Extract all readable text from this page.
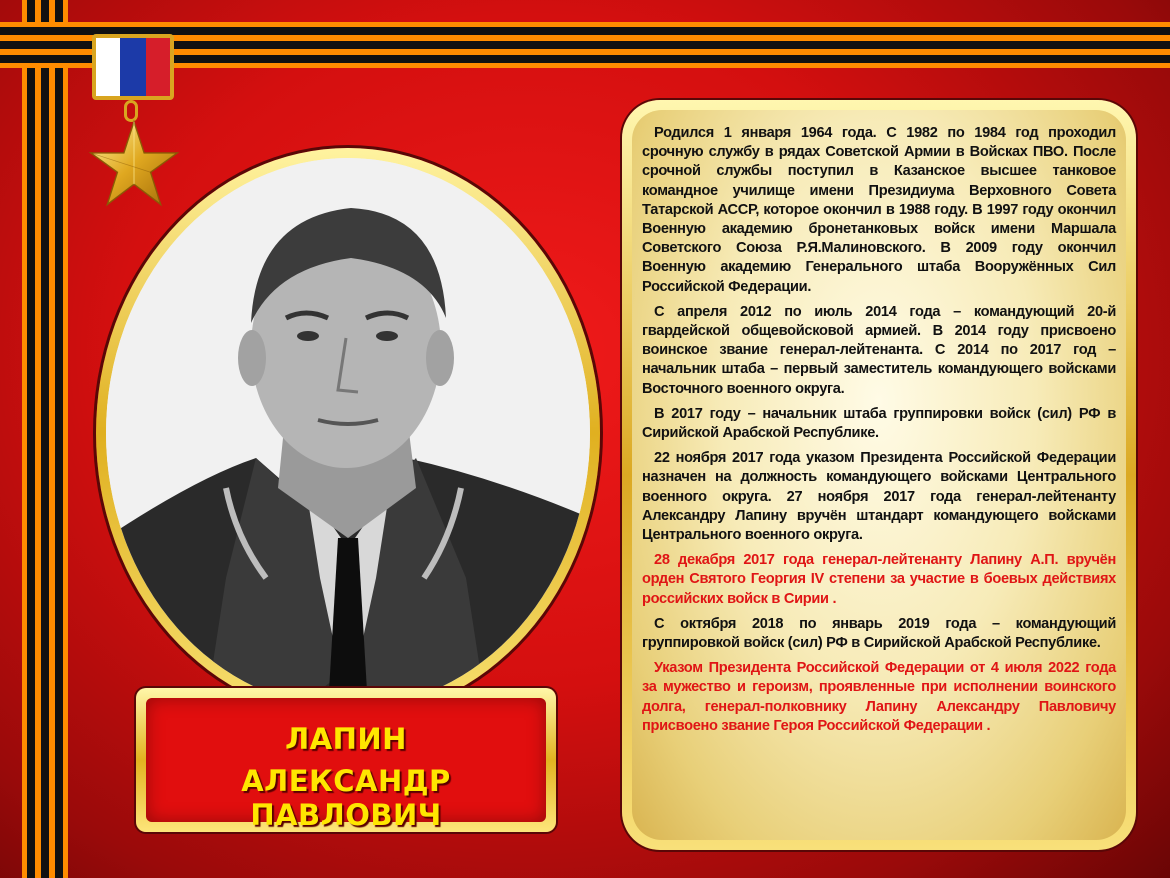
ЛАПИН
АЛЕКСАНДР ПАВЛОВИЧ

Родился 1 января 1964 года. С 1982 по 1984 год проходил срочную службу в рядах Советской Армии в Войсках ПВО. После срочной службы поступил в Казанское высшее танковое командное училище имени Президиума Верховного Совета Татарской АССР, которое окончил в 1988 году. В 1997 году окончил Военную академию бронетанковых войск имени Маршала Советского Союза Р.Я.Малиновского. В 2009 году окончил Военную академию Генерального штаба Вооружённых Сил Российской Федерации.

С апреля 2012 по июль 2014 года – командующий 20-й гвардейской общевойсковой армией. В 2014 году присвоено воинское звание генерал-лейтенанта. С 2014 по 2017 год – начальник штаба – первый заместитель командующего войсками Восточного военного округа.

В 2017 году – начальник штаба группировки войск (сил) РФ в Сирийской Арабской Республике.

22 ноября 2017 года указом Президента Российской Федерации назначен на должность командующего войсками Центрального военного округа. 27 ноября 2017 года генерал-лейтенанту Александру Лапину вручён штандарт командующего войсками Центрального военного округа.

28 декабря 2017 года генерал-лейтенанту Лапину А.П. вручён орден Святого Георгия IV степени за участие в боевых действиях российских войск в Сирии .

С октября 2018 по январь 2019 года – командующий группировкой войск (сил) РФ в Сирийской Арабской Республике.

Указом Президента Российской Федерации от 4 июля 2022 года за мужество и героизм, проявленные при исполнении воинского долга, генерал-полковнику Лапину Александру Павловичу присвоено звание Героя Российской Федерации .
